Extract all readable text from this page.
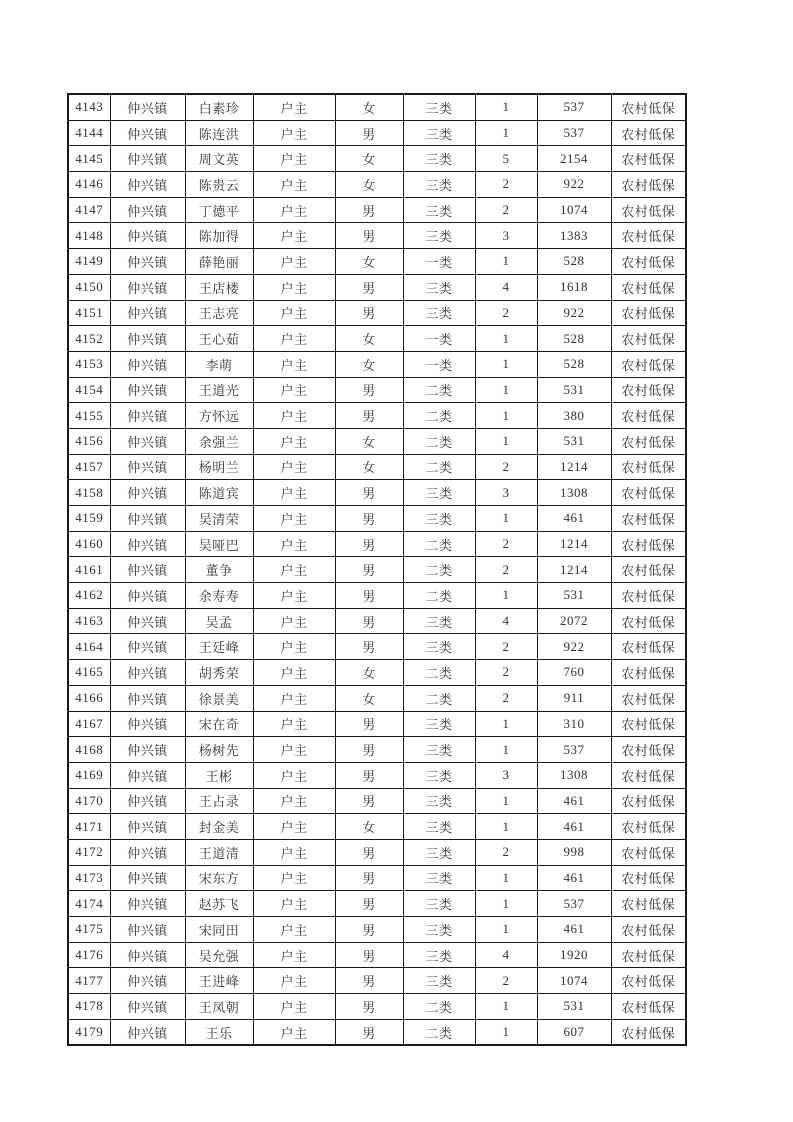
4143	仲兴镇	白素珍	户主	女	三类	1	537	农村低保
4144	仲兴镇	陈连洪	户主	男	三类	1	537	农村低保
4145	仲兴镇	周文英	户主	女	三类	5	2154	农村低保
4146	仲兴镇	陈贵云	户主	女	三类	2	922	农村低保
4147	仲兴镇	丁德平	户主	男	三类	2	1074	农村低保
4148	仲兴镇	陈加得	户主	男	三类	3	1383	农村低保
4149	仲兴镇	薛艳丽	户主	女	一类	1	528	农村低保
4150	仲兴镇	王店楼	户主	男	三类	4	1618	农村低保
4151	仲兴镇	王志亮	户主	男	三类	2	922	农村低保
4152	仲兴镇	王心茹	户主	女	一类	1	528	农村低保
4153	仲兴镇	李萌	户主	女	一类	1	528	农村低保
4154	仲兴镇	王道光	户主	男	二类	1	531	农村低保
4155	仲兴镇	方怀远	户主	男	二类	1	380	农村低保
4156	仲兴镇	余强兰	户主	女	二类	1	531	农村低保
4157	仲兴镇	杨明兰	户主	女	二类	2	1214	农村低保
4158	仲兴镇	陈道宾	户主	男	三类	3	1308	农村低保
4159	仲兴镇	吴清荣	户主	男	三类	1	461	农村低保
4160	仲兴镇	吴哑巴	户主	男	二类	2	1214	农村低保
4161	仲兴镇	董争	户主	男	二类	2	1214	农村低保
4162	仲兴镇	余寿寿	户主	男	二类	1	531	农村低保
4163	仲兴镇	吴孟	户主	男	三类	4	2072	农村低保
4164	仲兴镇	王廷峰	户主	男	三类	2	922	农村低保
4165	仲兴镇	胡秀荣	户主	女	二类	2	760	农村低保
4166	仲兴镇	徐景美	户主	女	二类	2	911	农村低保
4167	仲兴镇	宋在奇	户主	男	三类	1	310	农村低保
4168	仲兴镇	杨树先	户主	男	三类	1	537	农村低保
4169	仲兴镇	王彬	户主	男	三类	3	1308	农村低保
4170	仲兴镇	王占录	户主	男	三类	1	461	农村低保
4171	仲兴镇	封金美	户主	女	三类	1	461	农村低保
4172	仲兴镇	王道清	户主	男	三类	2	998	农村低保
4173	仲兴镇	宋东方	户主	男	三类	1	461	农村低保
4174	仲兴镇	赵苏飞	户主	男	三类	1	537	农村低保
4175	仲兴镇	宋同田	户主	男	三类	1	461	农村低保
4176	仲兴镇	吴允强	户主	男	三类	4	1920	农村低保
4177	仲兴镇	王进峰	户主	男	三类	2	1074	农村低保
4178	仲兴镇	王凤朝	户主	男	二类	1	531	农村低保
4179	仲兴镇	王乐	户主	男	二类	1	607	农村低保
